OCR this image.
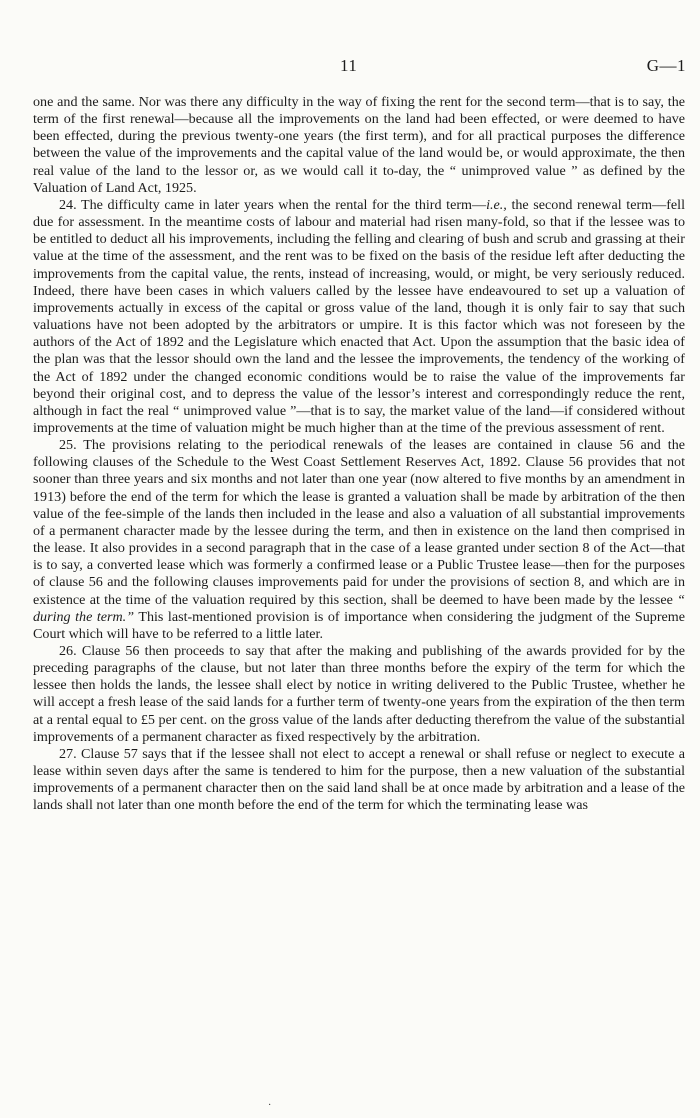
11	G—1

one and the same. Nor was there any difficulty in the way of fixing the rent for the second term—that is to say, the term of the first renewal—because all the improvements on the land had been effected, or were deemed to have been effected, during the previous twenty-one years (the first term), and for all practical purposes the difference between the value of the improvements and the capital value of the land would be, or would approximate, the then real value of the land to the lessor or, as we would call it to-day, the “ unimproved value ” as defined by the Valuation of Land Act, 1925.

24. The difficulty came in later years when the rental for the third term—i.e., the second renewal term—fell due for assessment. In the meantime costs of labour and material had risen many-fold, so that if the lessee was to be entitled to deduct all his improvements, including the felling and clearing of bush and scrub and grassing at their value at the time of the assessment, and the rent was to be fixed on the basis of the residue left after deducting the improvements from the capital value, the rents, instead of increasing, would, or might, be very seriously reduced. Indeed, there have been cases in which valuers called by the lessee have endeavoured to set up a valuation of improvements actually in excess of the capital or gross value of the land, though it is only fair to say that such valuations have not been adopted by the arbitrators or umpire. It is this factor which was not foreseen by the authors of the Act of 1892 and the Legislature which enacted that Act. Upon the assumption that the basic idea of the plan was that the lessor should own the land and the lessee the improvements, the tendency of the working of the Act of 1892 under the changed economic conditions would be to raise the value of the improvements far beyond their original cost, and to depress the value of the lessor’s interest and correspondingly reduce the rent, although in fact the real “ unimproved value ”—that is to say, the market value of the land—if considered without improvements at the time of valuation might be much higher than at the time of the previous assessment of rent.

25. The provisions relating to the periodical renewals of the leases are contained in clause 56 and the following clauses of the Schedule to the West Coast Settlement Reserves Act, 1892. Clause 56 provides that not sooner than three years and six months and not later than one year (now altered to five months by an amendment in 1913) before the end of the term for which the lease is granted a valuation shall be made by arbitration of the then value of the fee-simple of the lands then included in the lease and also a valuation of all substantial improvements of a permanent character made by the lessee during the term, and then in existence on the land then comprised in the lease. It also provides in a second paragraph that in the case of a lease granted under section 8 of the Act—that is to say, a converted lease which was formerly a confirmed lease or a Public Trustee lease—then for the purposes of clause 56 and the following clauses improvements paid for under the provisions of section 8, and which are in existence at the time of the valuation required by this section, shall be deemed to have been made by the lessee “ during the term.” This last-mentioned provision is of importance when considering the judgment of the Supreme Court which will have to be referred to a little later.

26. Clause 56 then proceeds to say that after the making and publishing of the awards provided for by the preceding paragraphs of the clause, but not later than three months before the expiry of the term for which the lessee then holds the lands, the lessee shall elect by notice in writing delivered to the Public Trustee, whether he will accept a fresh lease of the said lands for a further term of twenty-one years from the expiration of the then term at a rental equal to £5 per cent. on the gross value of the lands after deducting therefrom the value of the substantial improvements of a permanent character as fixed respectively by the arbitration.

27. Clause 57 says that if the lessee shall not elect to accept a renewal or shall refuse or neglect to execute a lease within seven days after the same is tendered to him for the purpose, then a new valuation of the substantial improvements of a permanent character then on the said land shall be at once made by arbitration and a lease of the lands shall not later than one month before the end of the term for which the terminating lease was

·
